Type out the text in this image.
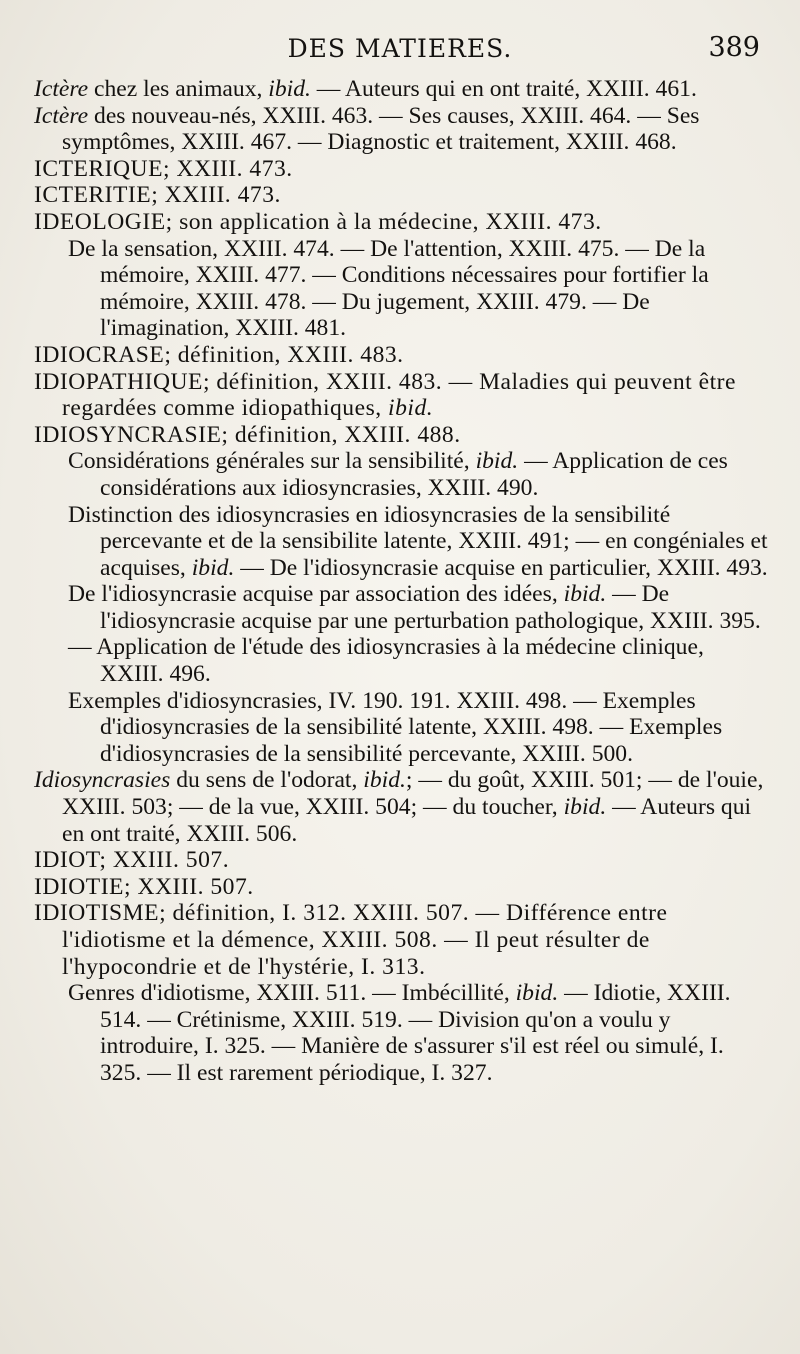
DES MATIERES.	389

Ictère chez les animaux, ibid. — Auteurs qui en ont traité, XXIII. 461.

Ictère des nouveau-nés, XXIII. 463. — Ses causes, XXIII. 464. — Ses symptômes, XXIII. 467. — Diagnostic et traitement, XXIII. 468.

ICTERIQUE; XXIII. 473.

ICTERITIE; XXIII. 473.

IDEOLOGIE; son application à la médecine, XXIII. 473.

De la sensation, XXIII. 474. — De l'attention, XXIII. 475. — De la mémoire, XXIII. 477. — Conditions nécessaires pour fortifier la mémoire, XXIII. 478. — Du jugement, XXIII. 479. — De l'imagination, XXIII. 481.

IDIOCRASE; définition, XXIII. 483.

IDIOPATHIQUE; définition, XXIII. 483. — Maladies qui peuvent être regardées comme idiopathiques, ibid.

IDIOSYNCRASIE; définition, XXIII. 488.

Considérations générales sur la sensibilité, ibid. — Application de ces considérations aux idiosyncrasies, XXIII. 490.

Distinction des idiosyncrasies en idiosyncrasies de la sensibilité percevante et de la sensibilite latente, XXIII. 491; — en congéniales et acquises, ibid. — De l'idiosyncrasie acquise en particulier, XXIII. 493.

De l'idiosyncrasie acquise par association des idées, ibid. — De l'idiosyncrasie acquise par une perturbation pathologique, XXIII. 395.

— Application de l'étude des idiosyncrasies à la médecine clinique, XXIII. 496.

Exemples d'idiosyncrasies, IV. 190. 191. XXIII. 498. — Exemples d'idiosyncrasies de la sensibilité latente, XXIII. 498. — Exemples d'idiosyncrasies de la sensibilité percevante, XXIII. 500.

Idiosyncrasies du sens de l'odorat, ibid.; — du goût, XXIII. 501; — de l'ouie, XXIII. 503; — de la vue, XXIII. 504; — du toucher, ibid. — Auteurs qui en ont traité, XXIII. 506.

IDIOT; XXIII. 507.

IDIOTIE; XXIII. 507.

IDIOTISME; définition, I. 312. XXIII. 507. — Différence entre l'idiotisme et la démence, XXIII. 508. — Il peut résulter de l'hypocondrie et de l'hystérie, I. 313.

Genres d'idiotisme, XXIII. 511. — Imbécillité, ibid. — Idiotie, XXIII. 514. — Crétinisme, XXIII. 519. — Division qu'on a voulu y introduire, I. 325. — Manière de s'assurer s'il est réel ou simulé, I. 325. — Il est rarement périodique, I. 327.
